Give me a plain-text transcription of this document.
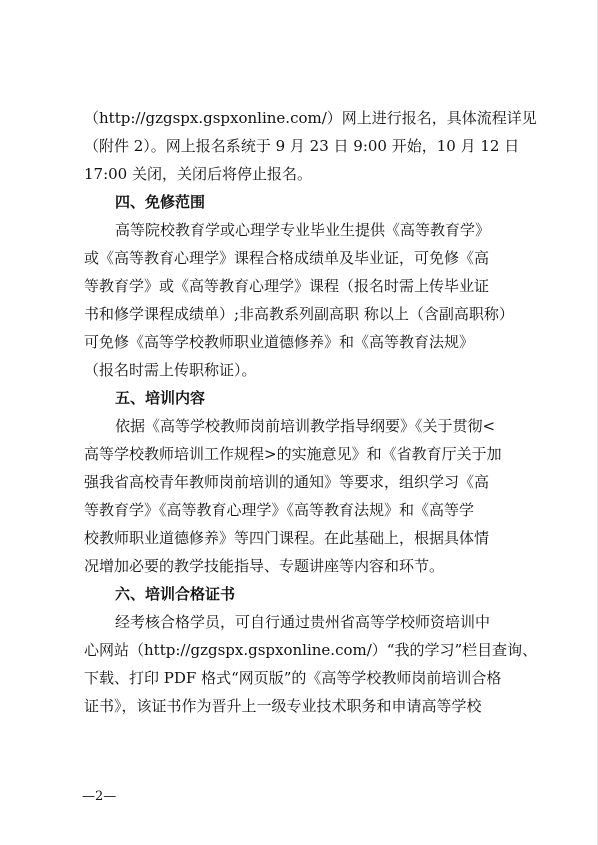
（http://gzgspx.gspxonline.com/）网上进行报名，具体流程详见
（附件 2）。网上报名系统于 9 月 23 日 9:00 开始，10 月 12 日
17:00 关闭，关闭后将停止报名。
四、免修范围
高等院校教育学或心理学专业毕业生提供《高等教育学》
或《高等教育心理学》课程合格成绩单及毕业证，可免修《高
等教育学》或《高等教育心理学》课程（报名时需上传毕业证
书和修学课程成绩单）;非高教系列副高职 称以上（含副高职称）
可免修《高等学校教师职业道德修养》和《高等教育法规》
（报名时需上传职称证）。
五、培训内容
依据《高等学校教师岗前培训教学指导纲要》《关于贯彻<
高等学校教师培训工作规程>的实施意见》和《省教育厅关于加
强我省高校青年教师岗前培训的通知》等要求，组织学习《高
等教育学》《高等教育心理学》《高等教育法规》和《高等学
校教师职业道德修养》等四门课程。在此基础上，根据具体情
况增加必要的教学技能指导、专题讲座等内容和环节。
六、培训合格证书
经考核合格学员，可自行通过贵州省高等学校师资培训中
心网站（http://gzgspx.gspxonline.com/）“我的学习”栏目查询、
下载、打印 PDF 格式“网页版”的《高等学校教师岗前培训合格
证书》，该证书作为晋升上一级专业技术职务和申请高等学校
—2—
